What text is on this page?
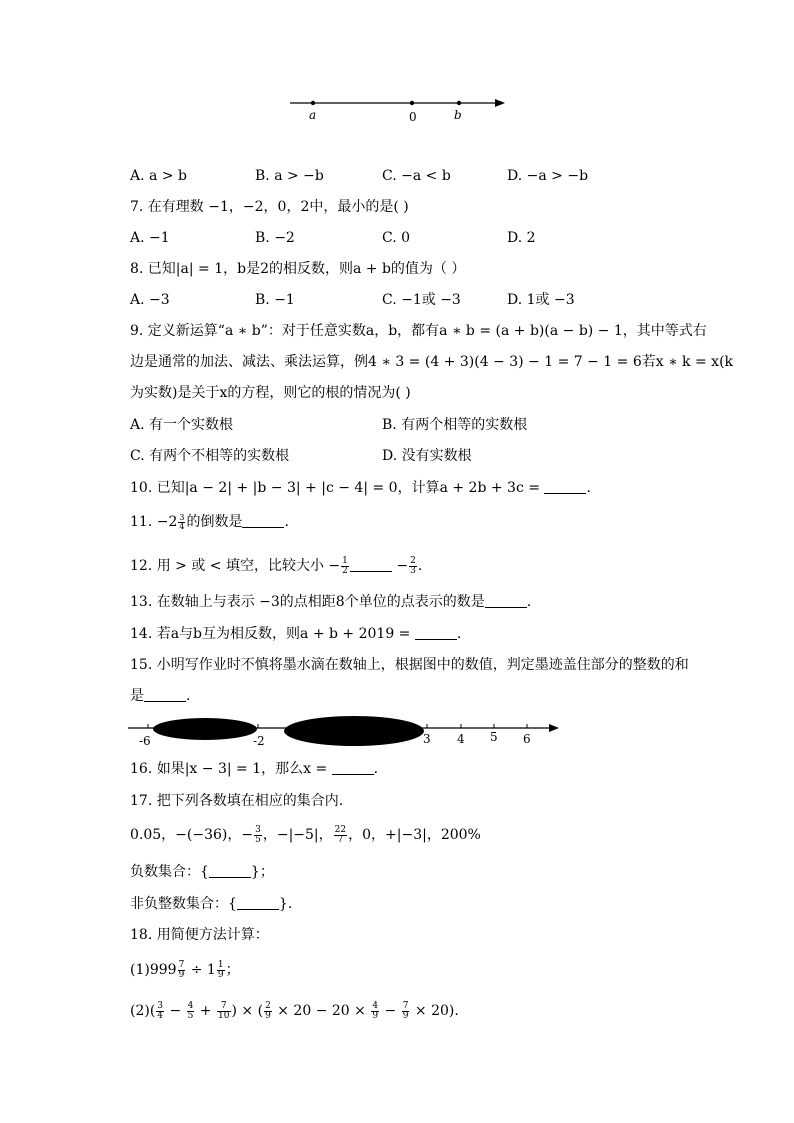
a	0	b
A. a > b	B. a > −b	C. −a < b	D. −a > −b
7. 在有理数 −1，−2，0，2中，最小的是( )
A. −1	B. −2	C. 0	D. 2
8. 已知|a| = 1，b是2的相反数，则a + b的值为（ ）
A. −3	B. −1	C. −1或 −3	D. 1或 −3
9. 定义新运算“a ∗ b”：对于任意实数a，b，都有a ∗ b = (a + b)(a − b) − 1，其中等式右
边是通常的加法、减法、乘法运算，例4 ∗ 3 = (4 + 3)(4 − 3) − 1 = 7 − 1 = 6若x ∗ k = x(k
为实数)是关于x的方程，则它的根的情况为( )
A. 有一个实数根	B. 有两个相等的实数根
C. 有两个不相等的实数根	D. 没有实数根
10. 已知|a − 2| + |b − 3| + |c − 4| = 0，计算a + 2b + 3c =	.
11. $-2 \frac{3}{4}$ 的倒数是	.
12. 用 > 或 < 填空，比较大小 − $\frac{1}{2}$	− $\frac{2}{3}$ .
13. 在数轴上与表示 −3的点相距8个单位的点表示的数是	.
14. 若a与b互为相反数，则a + b + 2019 =	.
15. 小明写作业时不慎将墨水滴在数轴上，根据图中的数值，判定墨迹盖住部分的整数的和
是	.
-6	-2	3 4 5 6
16. 如果|x − 3| = 1，那么x =	.
17. 把下列各数填在相应的集合内.
0.05，−(−36)，− $\frac{3}{5}$ ，−|−5|， $\frac{22}{7}$ ，0，+|−3|，200%
负数集合：{	}；
非负整数集合：{	}.
18. 用简便方法计算：
$(1)999 \frac{7}{9} \div 1 \frac{1}{9}$ ；
$(2)( \frac{3}{4} - \frac{4}{5} + \frac{7}{10}$ ) × ( $\frac{2}{9} \times 20 - 20 \times \frac{4}{9} - \frac{7}{9} \times 20$).
